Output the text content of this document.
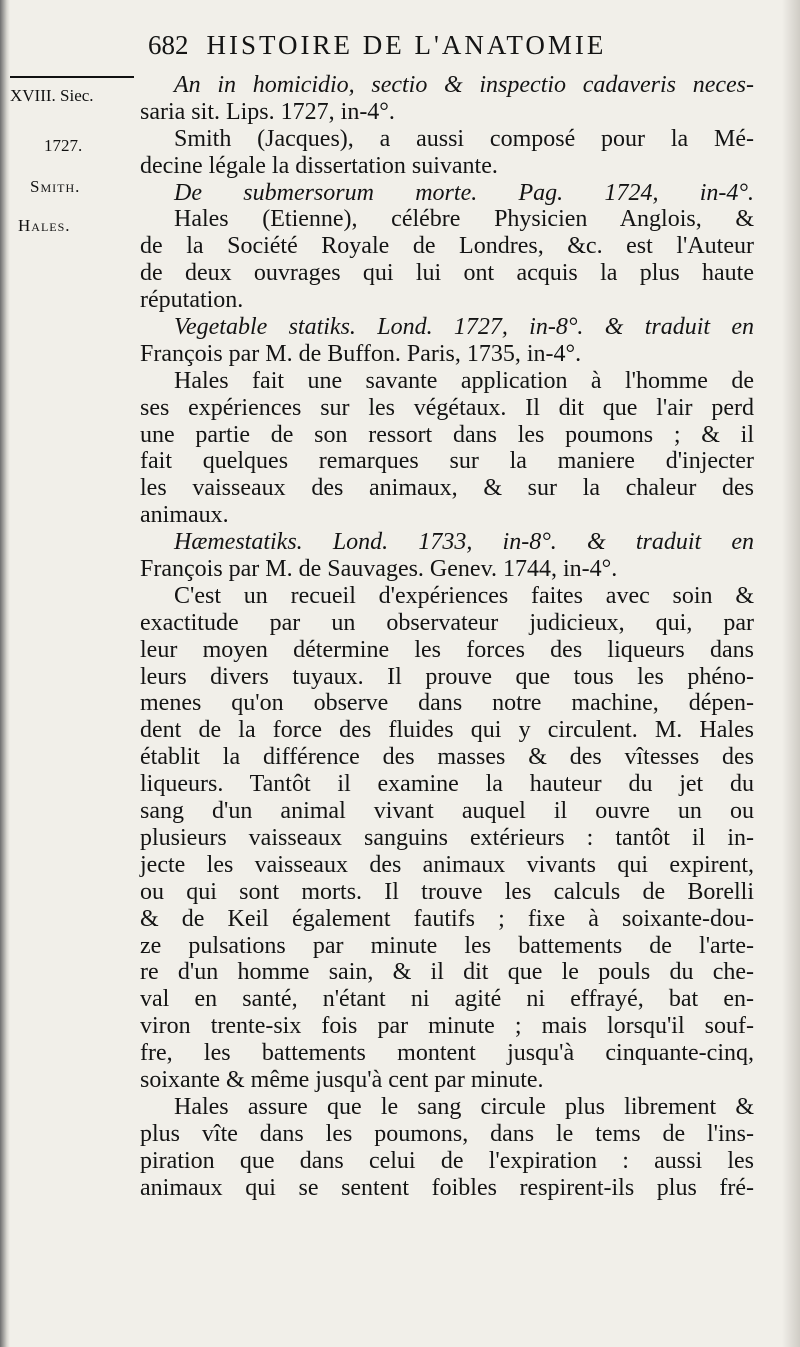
682 HISTOIRE DE L'ANATOMIE
XVIII. Siec.
1727.
Smith.
Hales.
An in homicidio, sectio & inspectio cadaveris neces-
saria sit. Lips. 1727, in-4°.
Smith (Jacques), a aussi composé pour la Mé-
decine légale la dissertation suivante.
De submersorum morte. Pag. 1724, in-4°.
Hales (Etienne), célébre Physicien Anglois, &
de la Société Royale de Londres, &c. est l'Auteur
de deux ouvrages qui lui ont acquis la plus haute
réputation.
Vegetable statiks. Lond. 1727, in-8°. & traduit en
François par M. de Buffon. Paris, 1735, in-4°.
Hales fait une savante application à l'homme de
ses expériences sur les végétaux. Il dit que l'air perd
une partie de son ressort dans les poumons ; & il
fait quelques remarques sur la maniere d'injecter
les vaisseaux des animaux, & sur la chaleur des
animaux.
Hæmestatiks. Lond. 1733, in-8°. & traduit en
François par M. de Sauvages. Genev. 1744, in-4°.
C'est un recueil d'expériences faites avec soin &
exactitude par un observateur judicieux, qui, par
leur moyen détermine les forces des liqueurs dans
leurs divers tuyaux. Il prouve que tous les phéno-
menes qu'on observe dans notre machine, dépen-
dent de la force des fluides qui y circulent. M. Hales
établit la différence des masses & des vîtesses des
liqueurs. Tantôt il examine la hauteur du jet du
sang d'un animal vivant auquel il ouvre un ou
plusieurs vaisseaux sanguins extérieurs : tantôt il in-
jecte les vaisseaux des animaux vivants qui expirent,
ou qui sont morts. Il trouve les calculs de Borelli
& de Keil également fautifs ; fixe à soixante-dou-
ze pulsations par minute les battements de l'arte-
re d'un homme sain, & il dit que le pouls du che-
val en santé, n'étant ni agité ni effrayé, bat en-
viron trente-six fois par minute ; mais lorsqu'il souf-
fre, les battements montent jusqu'à cinquante-cinq,
soixante & même jusqu'à cent par minute.
Hales assure que le sang circule plus librement &
plus vîte dans les poumons, dans le tems de l'ins-
piration que dans celui de l'expiration : aussi les
animaux qui se sentent foibles respirent-ils plus fré-
